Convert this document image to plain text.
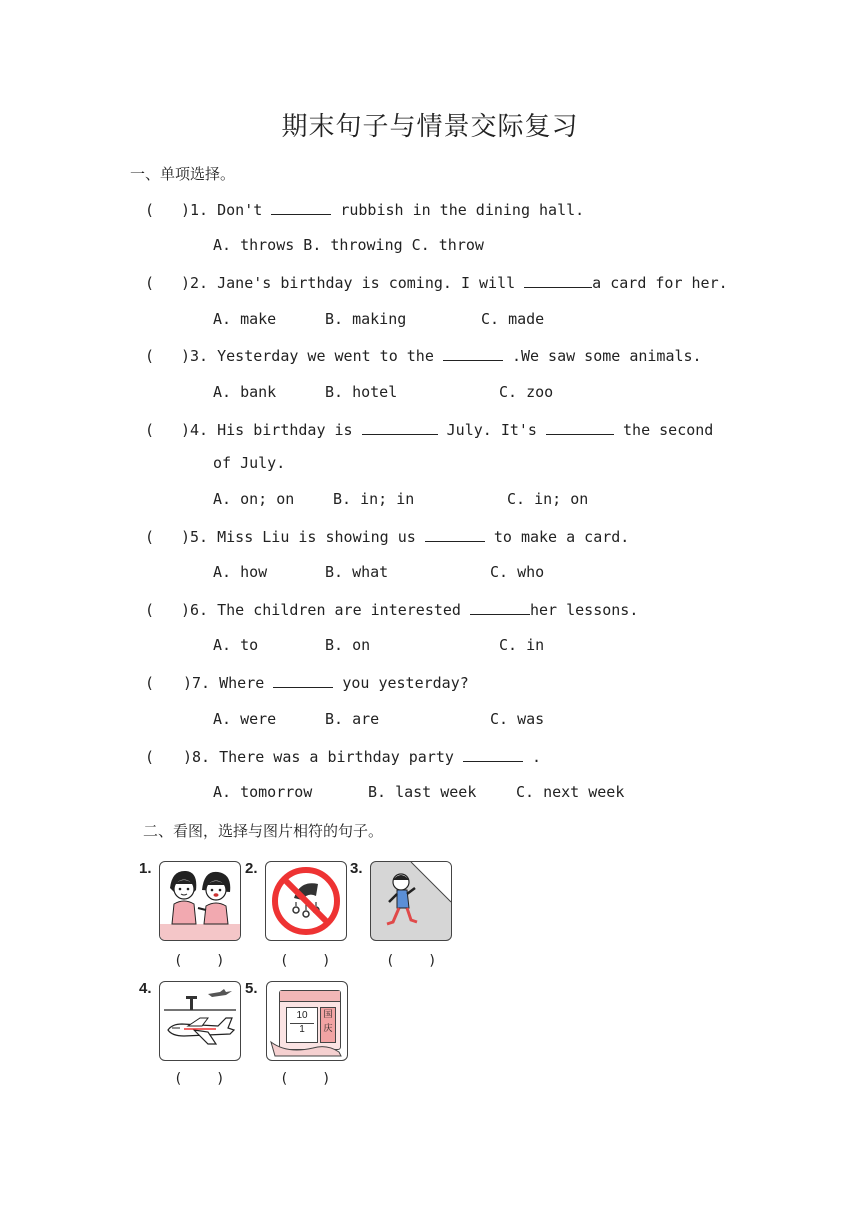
期末句子与情景交际复习
一、单项选择。
( )1. Don't	rubbish in the dining hall.
A. throws B. throwing C. throw
( )2. Jane's birthday is coming. I will	a card for her.
A. make	B. making	C. made
( )3. Yesterday we went to the	.We saw some animals.
A. bank	B. hotel	C. zoo
( )4. His birthday is	July. It's	the second
of July.
A. on; on	B. in; in	C. in; on
( )5. Miss Liu is showing us	to make a card.
A. how	B. what	C. who
( )6. The children are interested	her lessons.
A. to	B. on	C. in
( )7. Where	you yesterday?
A. were	B. are	C. was
( )8. There was a birthday party	.
A. tomorrow	B. last week	C. next week
二、看图，选择与图片相符的句子。
1.
(    )
2.
(    )
3.
(    )
4.
(    )
5.
10
1
国庆
(    )
